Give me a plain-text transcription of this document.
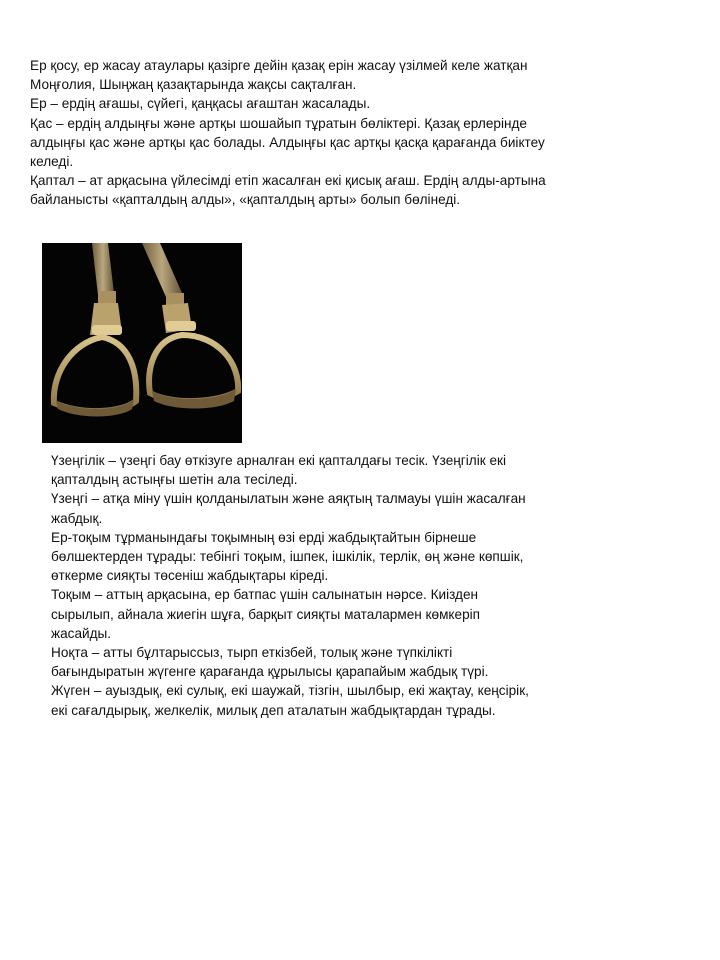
Ер қосу, ер жасау атаулары қазірге дейін қазақ ерін жасау үзілмей келе жатқан
Моңғолия, Шыңжаң қазақтарында жақсы сақталған.
Ер – ердің ағашы, сүйегі, қаңқасы ағаштан жасалады.
Қас – ердің алдыңғы және артқы шошайып тұратын бөліктері. Қазақ ерлерінде
алдыңғы қас және артқы қас болады. Алдыңғы қас артқы қасқа қарағанда биіктеу
келеді.
Қаптал – ат арқасына үйлесімді етіп жасалған екі қисық ағаш. Ердің алды-артына
байланысты «қапталдың алды», «қапталдың арты» болып бөлінеді.
Үзеңгілік – үзеңгі бау өткізуге арналған екі қапталдағы тесік. Үзеңгілік екі
қапталдың астыңғы шетін ала тесіледі.
Үзеңгі – атқа міну үшін қолданылатын және аяқтың талмауы үшін жасалған
жабдық.
Ер-тоқым тұрманындағы тоқымның өзі ерді жабдықтайтын бірнеше
бөлшектерден тұрады: тебінгі тоқым, ішпек, ішкілік, терлік, өң және көпшік,
өткерме сияқты төсеніш жабдықтары кіреді.
Тоқым – аттың арқасына, ер батпас үшін салынатын нәрсе. Киізден
сырылып, айнала жиегін шұға, барқыт сияқты маталармен көмкеріп
жасайды.
Ноқта – атты бұлтарыссыз, тырп еткізбей, толық және түпкілікті
бағындыратын жүгенге қарағанда құрылысы қарапайым жабдық түрі.
Жүген – ауыздық, екі сулық, екі шаужай, тізгін, шылбыр, екі жақтау, кеңсірік,
екі сағалдырық, желкелік, милық деп аталатын жабдықтардан тұрады.
